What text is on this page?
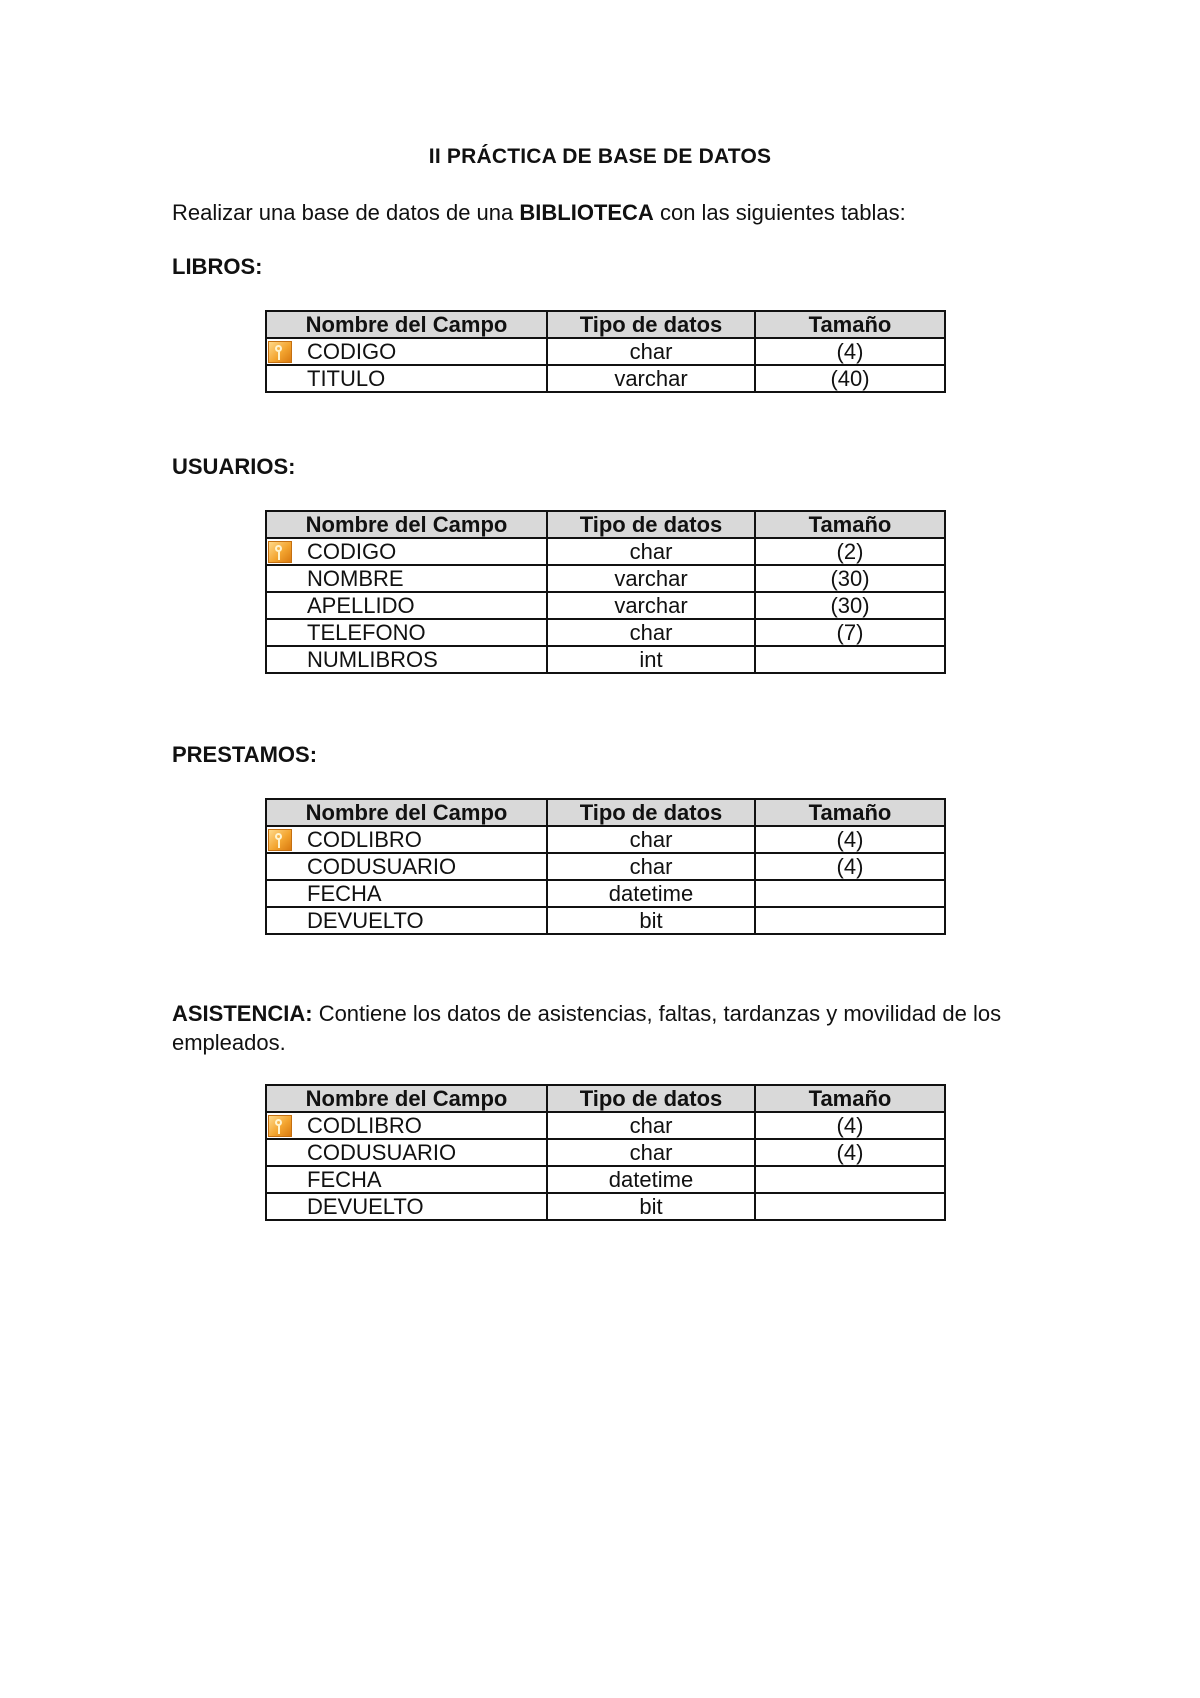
II PRÁCTICA DE BASE DE DATOS
Realizar una base de datos de una BIBLIOTECA con las siguientes tablas:
LIBROS:
Nombre del Campo	Tipo de datos	Tamaño

CODIGO	char	(4)
TITULO	varchar	(40)
USUARIOS:
Nombre del Campo	Tipo de datos	Tamaño

CODIGO	char	(2)
NOMBRE	varchar	(30)
APELLIDO	varchar	(30)
TELEFONO	char	(7)
NUMLIBROS	int	
PRESTAMOS:
Nombre del Campo	Tipo de datos	Tamaño

CODLIBRO	char	(4)
CODUSUARIO	char	(4)
FECHA	datetime	
DEVUELTO	bit	
ASISTENCIA: Contiene los datos de asistencias, faltas, tardanzas y movilidad de los empleados.
Nombre del Campo	Tipo de datos	Tamaño

CODLIBRO	char	(4)
CODUSUARIO	char	(4)
FECHA	datetime	
DEVUELTO	bit	
